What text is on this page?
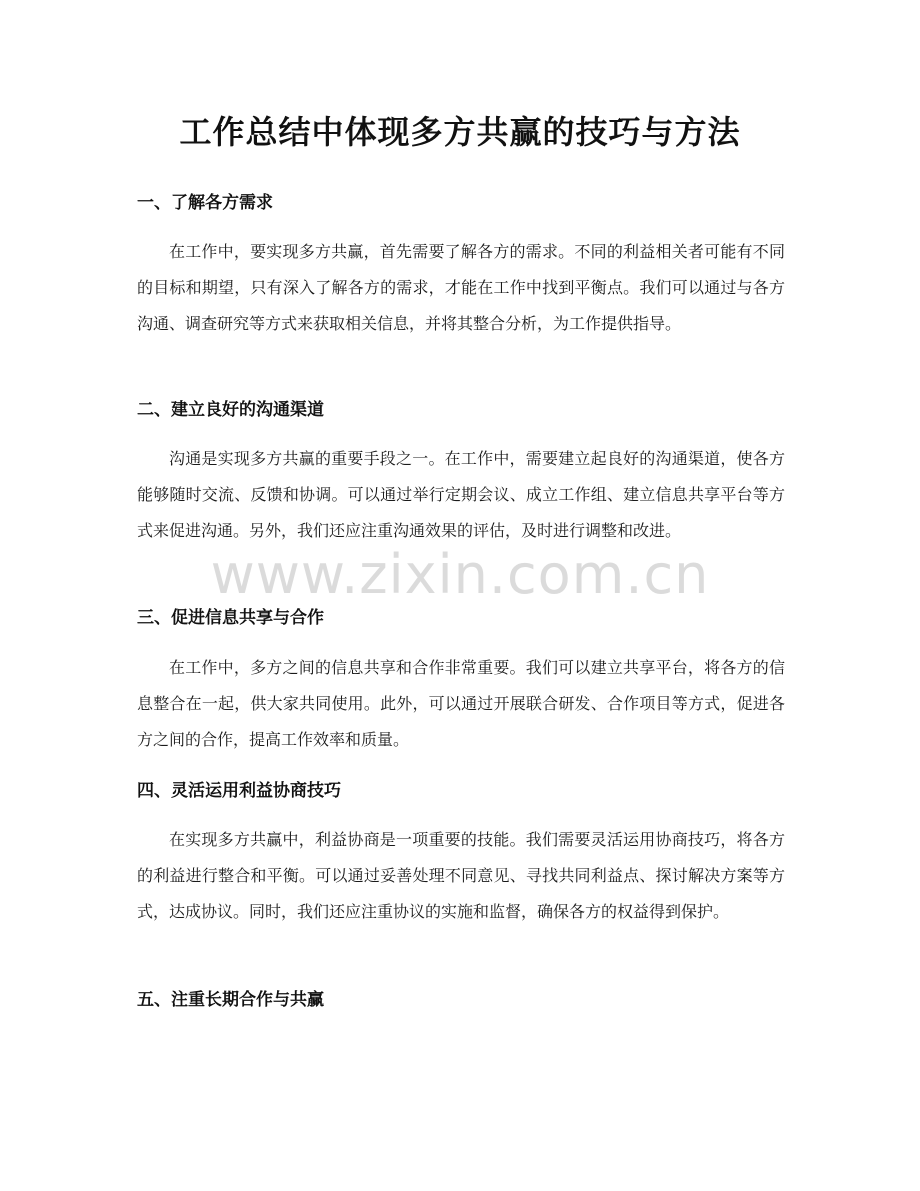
工作总结中体现多方共赢的技巧与方法
一、了解各方需求

在工作中，要实现多方共赢，首先需要了解各方的需求。不同的利益相关者可能有不同的目标和期望，只有深入了解各方的需求，才能在工作中找到平衡点。我们可以通过与各方沟通、调查研究等方式来获取相关信息，并将其整合分析，为工作提供指导。

二、建立良好的沟通渠道

沟通是实现多方共赢的重要手段之一。在工作中，需要建立起良好的沟通渠道，使各方能够随时交流、反馈和协调。可以通过举行定期会议、成立工作组、建立信息共享平台等方式来促进沟通。另外，我们还应注重沟通效果的评估，及时进行调整和改进。

三、促进信息共享与合作

在工作中，多方之间的信息共享和合作非常重要。我们可以建立共享平台，将各方的信息整合在一起，供大家共同使用。此外，可以通过开展联合研发、合作项目等方式，促进各方之间的合作，提高工作效率和质量。

四、灵活运用利益协商技巧

在实现多方共赢中，利益协商是一项重要的技能。我们需要灵活运用协商技巧，将各方的利益进行整合和平衡。可以通过妥善处理不同意见、寻找共同利益点、探讨解决方案等方式，达成协议。同时，我们还应注重协议的实施和监督，确保各方的权益得到保护。

五、注重长期合作与共赢
www.zixin.com.cn
